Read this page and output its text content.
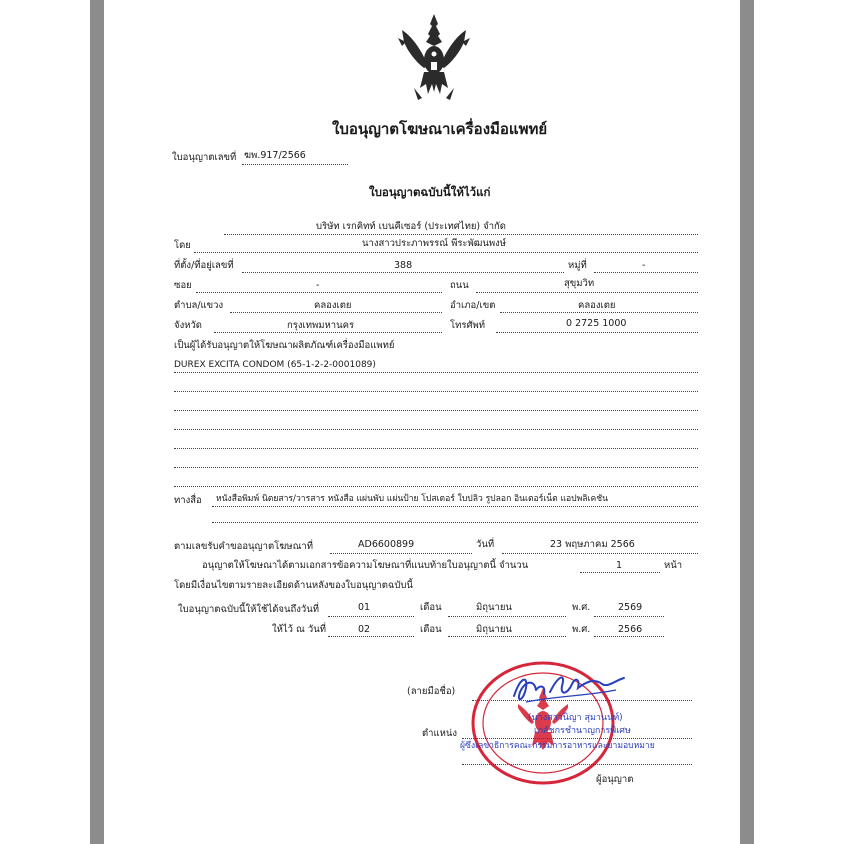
ใบอนุญาตโฆษณาเครื่องมือแพทย์
ใบอนุญาตเลขที่ ฆพ.917/2566
ใบอนุญาตฉบับนี้ให้ไว้แก่
บริษัท เรกคิทท์ เบนคีเซอร์ (ประเทศไทย) จำกัด
โดย	นางสาวประภาพรรณ์ พีระพัฒนพงษ์
ที่ตั้ง/ที่อยู่เลขที่	388	หมู่ที่	-
ซอย	-	ถนน	สุขุมวิท
ตำบล/แขวง	คลองเตย	อำเภอ/เขต	คลองเตย
จังหวัด	กรุงเทพมหานคร	โทรศัพท์	0 2725 1000
เป็นผู้ได้รับอนุญาตให้โฆษณาผลิตภัณฑ์เครื่องมือแพทย์
DUREX EXCITA CONDOM (65-1-2-2-0001089)
ทางสื่อ หนังสือพิมพ์ นิตยสาร/วารสาร หนังสือ แผ่นพับ แผ่นป้าย โปสเตอร์ ใบปลิว รูปลอก อินเตอร์เน็ต แอปพลิเคชัน
ตามเลขรับคำขออนุญาตโฆษณาที่	AD6600899	วันที่	23 พฤษภาคม 2566
อนุญาตให้โฆษณาได้ตามเอกสารข้อความโฆษณาที่แนบท้ายใบอนุญาตนี้ จำนวน	1	หน้า
โดยมีเงื่อนไขตามรายละเอียดด้านหลังของใบอนุญาตฉบับนี้
ใบอนุญาตฉบับนี้ให้ใช้ได้จนถึงวันที่	01	เดือน	มิถุนายน	พ.ศ.	2569
ให้ไว้ ณ วันที่	02	เดือน	มิถุนายน	พ.ศ.	2566
(ลายมือชื่อ)
(นางสาวนิญา สุมานนท์)
เภสัชกรชำนาญการพิเศษ
ตำแหน่ง
ผู้ซึ่งเลขาธิการคณะกรรมการอาหารและยามอบหมาย
ผู้อนุญาต
